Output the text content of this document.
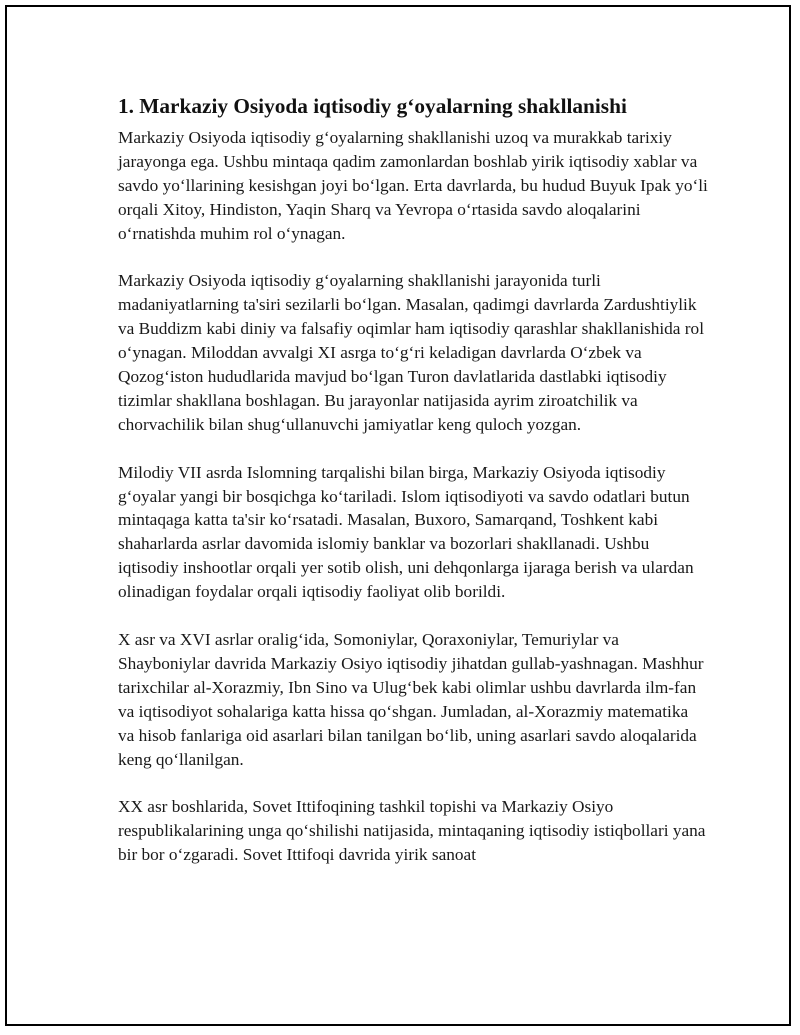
1. Markaziy Osiyoda iqtisodiy gʻoyalarning shakllanishi

Markaziy Osiyoda iqtisodiy gʻoyalarning shakllanishi uzoq va murakkab tarixiy jarayonga ega. Ushbu mintaqa qadim zamonlardan boshlab yirik iqtisodiy xablar va savdo yoʻllarining kesishgan joyi boʻlgan. Erta davrlarda, bu hudud Buyuk Ipak yoʻli orqali Xitoy, Hindiston, Yaqin Sharq va Yevropa oʻrtasida savdo aloqalarini oʻrnatishda muhim rol oʻynagan.

Markaziy Osiyoda iqtisodiy gʻoyalarning shakllanishi jarayonida turli madaniyatlarning ta'siri sezilarli boʻlgan. Masalan, qadimgi davrlarda Zardushtiylik va Buddizm kabi diniy va falsafiy oqimlar ham iqtisodiy qarashlar shakllanishida rol oʻynagan. Miloddan avvalgi XI asrga toʻgʻri keladigan davrlarda Oʻzbek va Qozogʻiston hududlarida mavjud boʻlgan Turon davlatlarida dastlabki iqtisodiy tizimlar shakllana boshlagan. Bu jarayonlar natijasida ayrim ziroatchilik va chorvachilik bilan shugʻullanuvchi jamiyatlar keng quloch yozgan.

Milodiy VII asrda Islomning tarqalishi bilan birga, Markaziy Osiyoda iqtisodiy gʻoyalar yangi bir bosqichga koʻtariladi. Islom iqtisodiyoti va savdo odatlari butun mintaqaga katta ta'sir koʻrsatadi. Masalan, Buxoro, Samarqand, Toshkent kabi shaharlarda asrlar davomida islomiy banklar va bozorlari shakllanadi. Ushbu iqtisodiy inshootlar orqali yer sotib olish, uni dehqonlarga ijaraga berish va ulardan olinadigan foydalar orqali iqtisodiy faoliyat olib borildi.

X asr va XVI asrlar oraligʻida, Somoniylar, Qoraxoniylar, Temuriylar va Shayboniylar davrida Markaziy Osiyo iqtisodiy jihatdan gullab-yashnagan. Mashhur tarixchilar al-Xorazmiy, Ibn Sino va Ulugʻbek kabi olimlar ushbu davrlarda ilm-fan va iqtisodiyot sohalariga katta hissa qoʻshgan. Jumladan, al-Xorazmiy matematika va hisob fanlariga oid asarlari bilan tanilgan boʻlib, uning asarlari savdo aloqalarida keng qoʻllanilgan.

XX asr boshlarida, Sovet Ittifoqining tashkil topishi va Markaziy Osiyo respublikalarining unga qoʻshilishi natijasida, mintaqaning iqtisodiy istiqbollari yana bir bor oʻzgaradi. Sovet Ittifoqi davrida yirik sanoat
